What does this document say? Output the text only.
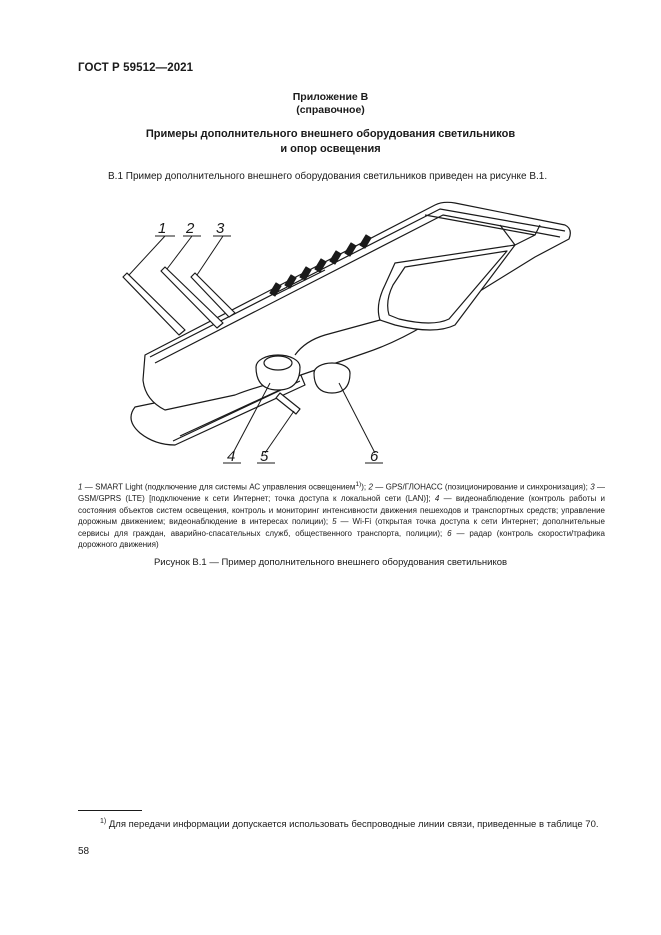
ГОСТ Р 59512—2021
Приложение В
(справочное)
Примеры дополнительного внешнего оборудования светильников
и опор освещения
В.1 Пример дополнительного внешнего оборудования светильников приведен на рисунке В.1.
1 2 3
4 5	6

1 — SMART Light (подключение для системы АС управления освещением$^{1)}$); 2 — GPS/ГЛОНАСС (позиционирование и синхронизация); 3 — GSM/GPRS (LTE) [подключение к сети Интернет; точка доступа к локальной сети (LAN)]; 4 — видеонаблюдение (контроль работы и состояния объектов систем освещения, контроль и мониторинг интенсивности движения пешеходов и транспортных средств; управление дорожным движением; видеонаблюдение в интересах полиции); 5 — Wi-Fi (открытая точка доступа к сети Интернет; дополнительные сервисы для граждан, аварийно-спасательных служб, общественного транспорта, полиции); 6 — радар (контроль скорости/трафика дорожного движения)

Рисунок В.1 — Пример дополнительного внешнего оборудования светильников
$^{1)}$ Для передачи информации допускается использовать беспроводные линии связи, приведенные в таблице 70.
58
